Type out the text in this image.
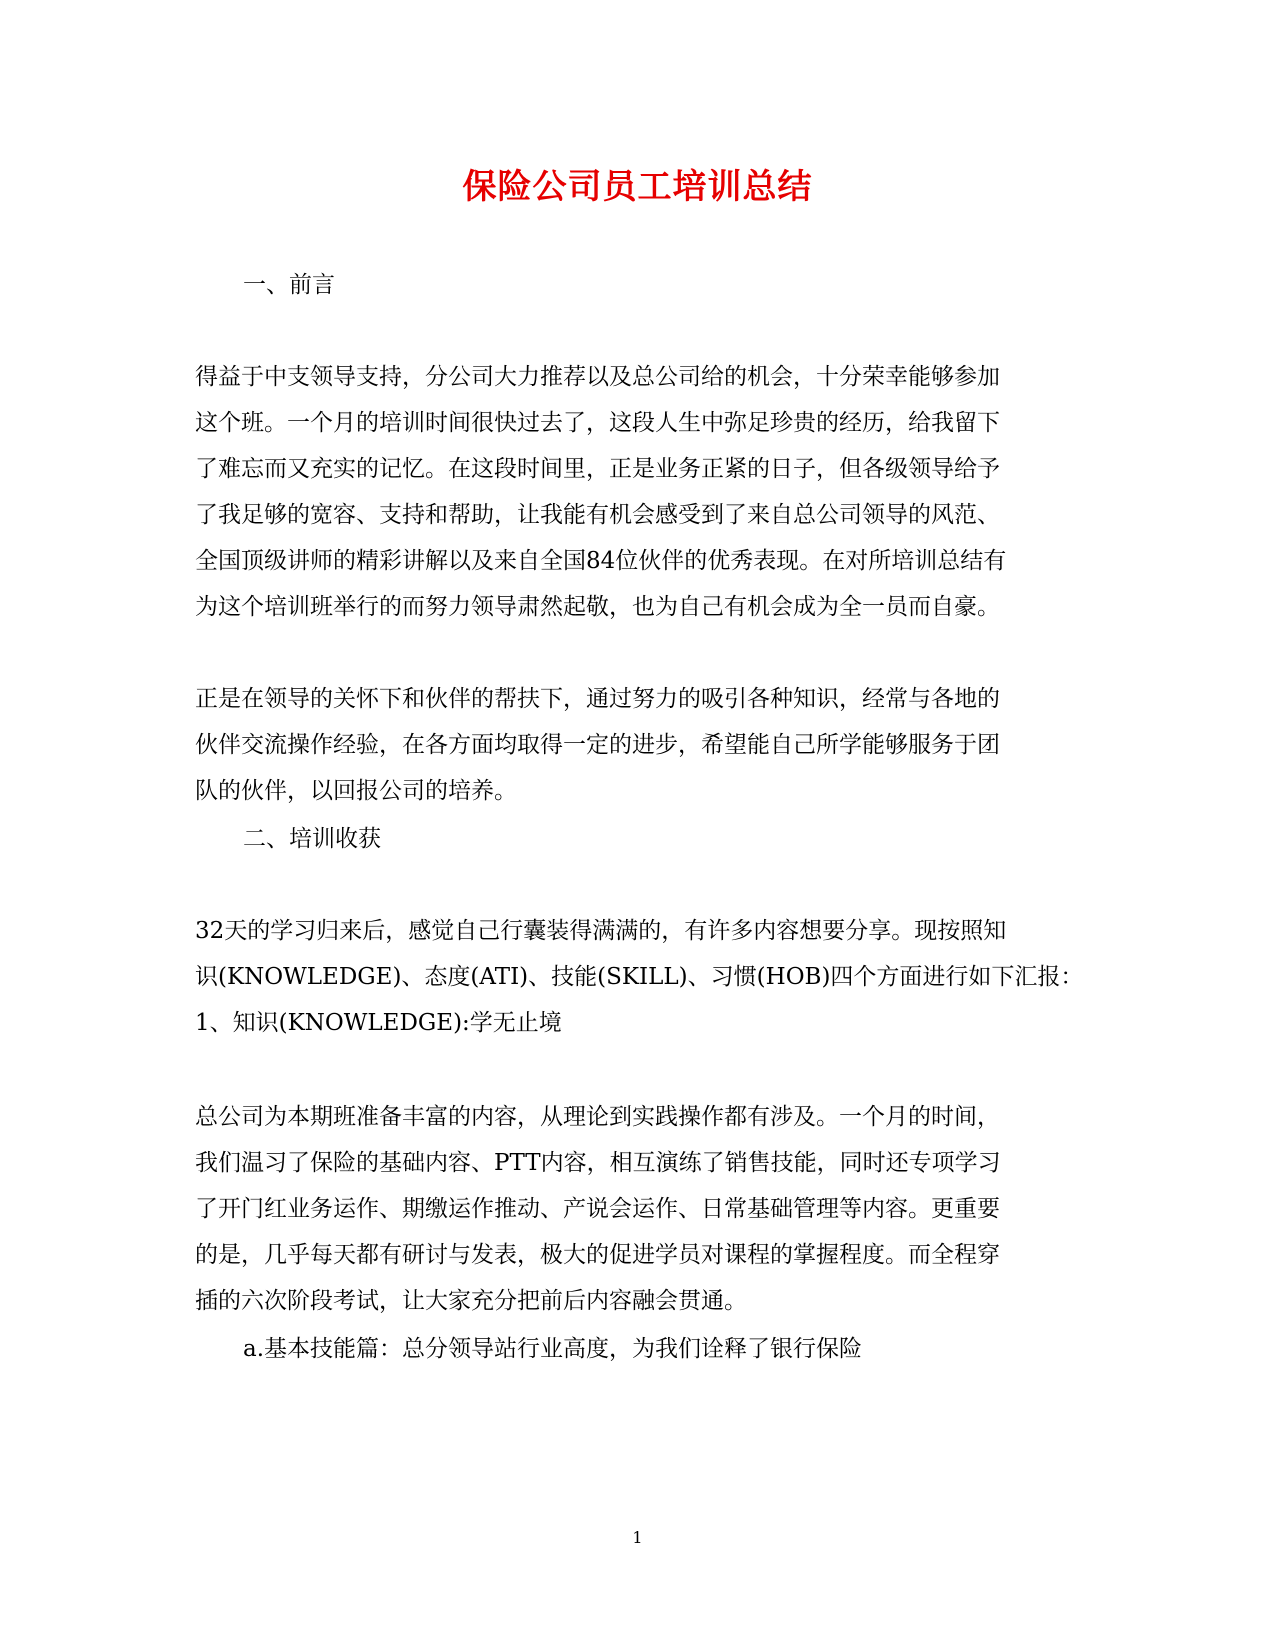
保险公司员工培训总结

一、前言

得益于中支领导支持，分公司大力推荐以及总公司给的机会，十分荣幸能够参加
这个班。一个月的培训时间很快过去了，这段人生中弥足珍贵的经历，给我留下
了难忘而又充实的记忆。在这段时间里，正是业务正紧的日子，但各级领导给予
了我足够的宽容、支持和帮助，让我能有机会感受到了来自总公司领导的风范、
全国顶级讲师的精彩讲解以及来自全国84位伙伴的优秀表现。在对所培训总结有
为这个培训班举行的而努力领导肃然起敬，也为自己有机会成为全一员而自豪。

正是在领导的关怀下和伙伴的帮扶下，通过努力的吸引各种知识，经常与各地的
伙伴交流操作经验，在各方面均取得一定的进步，希望能自己所学能够服务于团
队的伙伴，以回报公司的培养。

二、培训收获

32天的学习归来后，感觉自己行囊装得满满的，有许多内容想要分享。现按照知
识(KNOWLEDGE)、态度(ATI)、技能(SKILL)、习惯(HOB)四个方面进行如下汇报：
1、知识(KNOWLEDGE):学无止境

总公司为本期班准备丰富的内容，从理论到实践操作都有涉及。一个月的时间，
我们温习了保险的基础内容、PTT内容，相互演练了销售技能，同时还专项学习
了开门红业务运作、期缴运作推动、产说会运作、日常基础管理等内容。更重要
的是，几乎每天都有研讨与发表，极大的促进学员对课程的掌握程度。而全程穿
插的六次阶段考试，让大家充分把前后内容融会贯通。

a.基本技能篇：总分领导站行业高度，为我们诠释了银行保险

1
